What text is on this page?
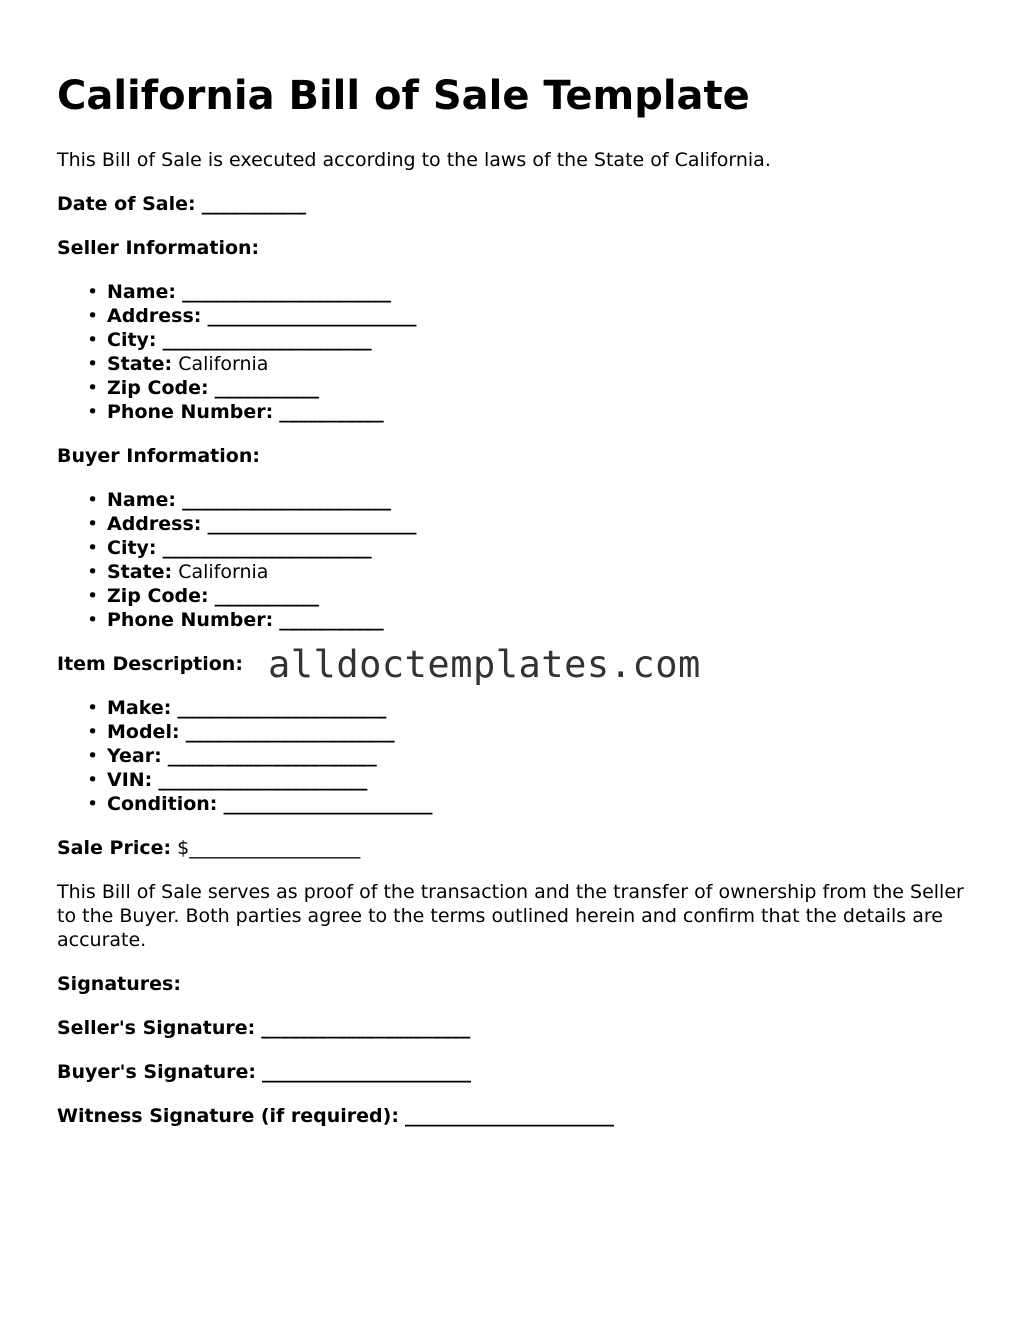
California Bill of Sale Template

This Bill of Sale is executed according to the laws of the State of California.

Date of Sale: ___________

Seller Information:

• Name: ______________________
• Address: ______________________
• City: ______________________
• State: California
• Zip Code: ___________
• Phone Number: ___________

Buyer Information:

• Name: ______________________
• Address: ______________________
• City: ______________________
• State: California
• Zip Code: ___________
• Phone Number: ___________

Item Description:

• Make: ______________________
• Model: ______________________
• Year: ______________________
• VIN: ______________________
• Condition: ______________________

Sale Price: $__________________

This Bill of Sale serves as proof of the transaction and the transfer of ownership from the Seller to the Buyer. Both parties agree to the terms outlined herein and confirm that the details are accurate.

Signatures:

Seller's Signature: ______________________

Buyer's Signature: ______________________

Witness Signature (if required): ______________________

alldoctemplates.com
